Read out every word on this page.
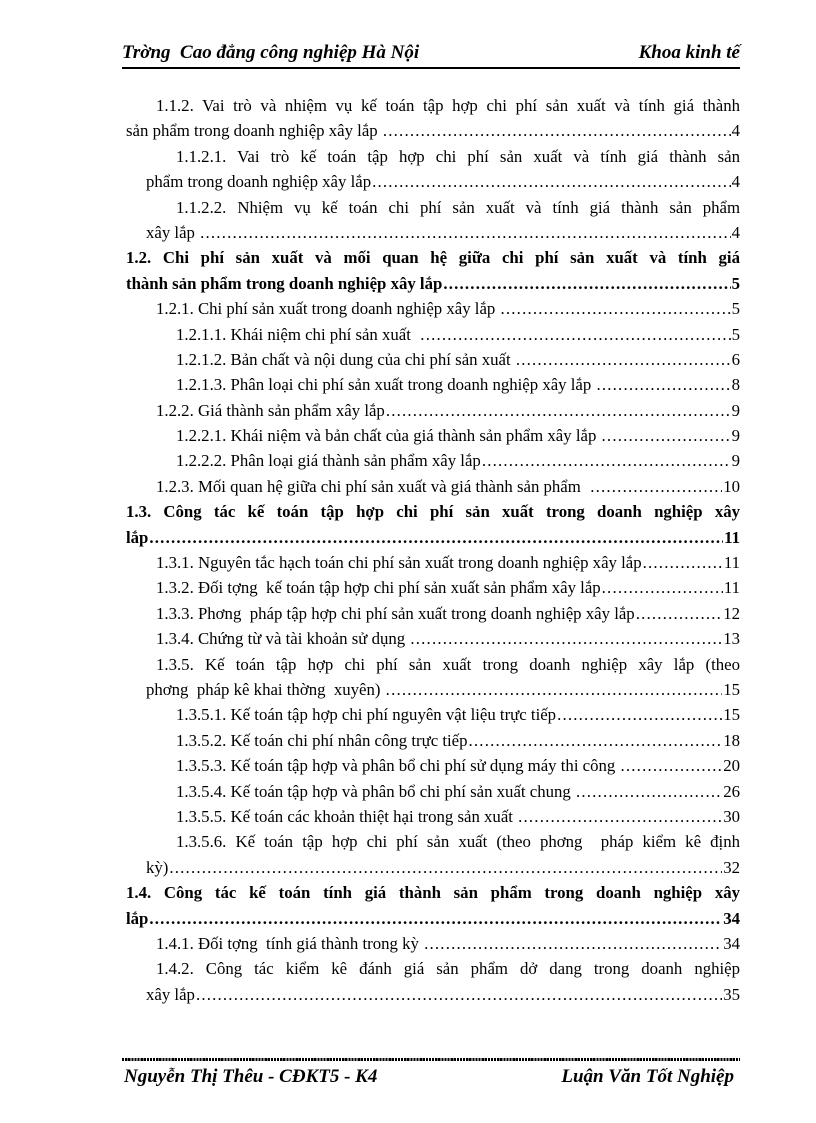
Trờng  Cao đẳng công nghiệp Hà Nội	Khoa kinh tế
1.1.2. Vai trò và nhiệm vụ kế toán tập hợp chi phí sản xuất và tính giá thành
sản phẩm trong doanh nghiệp xây lắp .....	4
1.1.2.1. Vai trò kế toán tập hợp chi phí sản xuất và tính giá thành sản
phẩm trong doanh nghiệp xây lắp .....	4
1.1.2.2. Nhiệm vụ kế toán chi phí sản xuất và tính giá thành sản phẩm
xây lắp .....	4
1.2. Chi phí sản xuất và mối quan hệ giữa chi phí sản xuất và tính giá
thành sản phẩm trong doanh nghiệp xây lắp .....	5
1.2.1. Chi phí sản xuất trong doanh nghiệp xây lắp .....	5
1.2.1.1. Khái niệm chi phí sản xuất .....	5
1.2.1.2. Bản chất và nội dung của chi phí sản xuất .....	6
1.2.1.3. Phân loại chi phí sản xuất trong doanh nghiệp xây lắp .....	8
1.2.2. Giá thành sản phẩm xây lắp .....	9
1.2.2.1. Khái niệm và bản chất của giá thành sản phẩm xây lắp .....	9
1.2.2.2. Phân loại giá thành sản phẩm xây lắp .....	9
1.2.3. Mối quan hệ giữa chi phí sản xuất và giá thành sản phẩm .....	10
1.3. Công tác kế toán tập hợp chi phí sản xuất trong doanh nghiệp xây
lắp .....	11
1.3.1. Nguyên tắc hạch toán chi phí sản xuất trong doanh nghiệp xây lắp .....	11
1.3.2. Đối tợng  kế toán tập hợp chi phí sản xuất sản phẩm xây lắp .....	11
1.3.3. Phơng  pháp tập hợp chi phí sản xuất trong doanh nghiệp xây lắp .....	12
1.3.4. Chứng từ và tài khoản sử dụng .....	13
1.3.5. Kế toán tập hợp chi phí sản xuất trong doanh nghiệp xây lắp (theo
phơng  pháp kê khai thờng  xuyên) .....	15
1.3.5.1. Kế toán tập hợp chi phí nguyên vật liệu trực tiếp .....	15
1.3.5.2. Kế toán chi phí nhân công trực tiếp .....	18
1.3.5.3. Kế toán tập hợp và phân bổ chi phí sử dụng máy thi công .....	20
1.3.5.4. Kế toán tập hợp và phân bổ chi phí sản xuất chung .....	26
1.3.5.5. Kế toán các khoản thiệt hại trong sản xuất .....	30
1.3.5.6. Kế toán tập hợp chi phí sản xuất (theo phơng  pháp kiểm kê định
kỳ) .....	32
1.4. Công tác kế toán tính giá thành sản phẩm trong doanh nghiệp xây
lắp .....	34
1.4.1. Đối tợng  tính giá thành trong kỳ .....	34
1.4.2. Công tác kiểm kê đánh giá sản phẩm dở dang trong doanh nghiệp
xây lắp .....	35
Nguyễn Thị Thêu - CĐKT5 - K4	Luận Văn Tốt Nghiệp
